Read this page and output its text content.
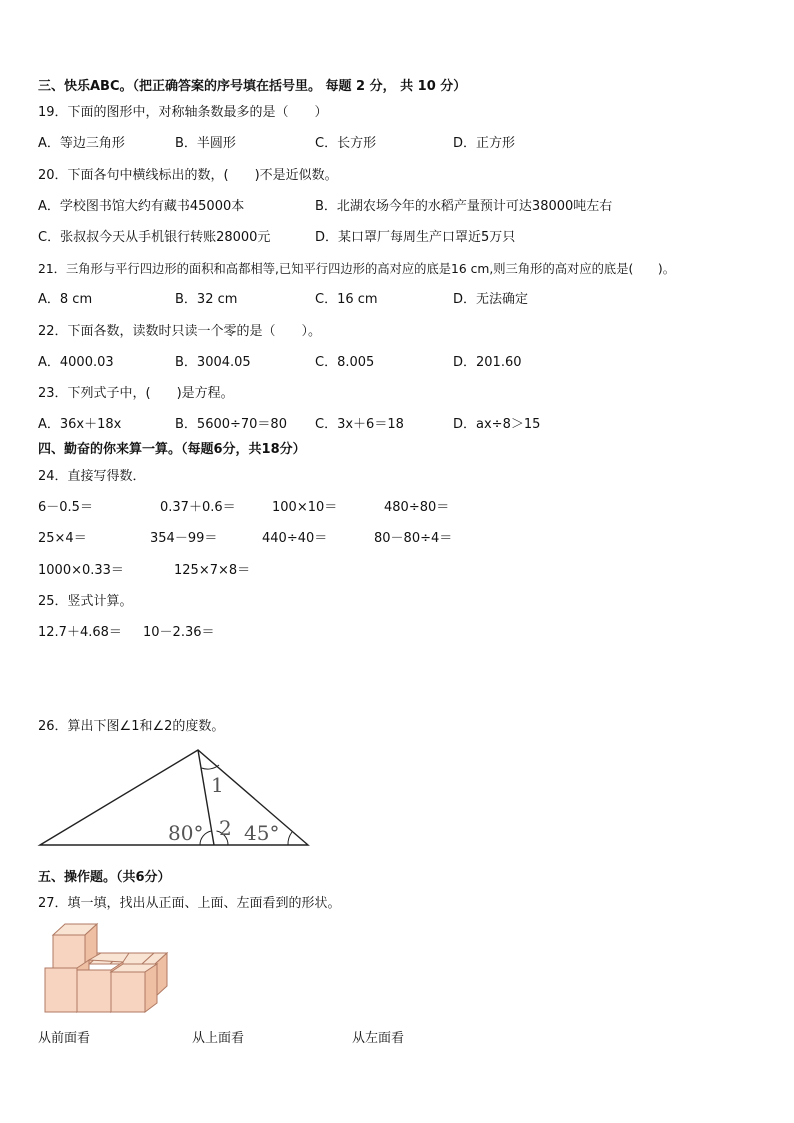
三、快乐ABC。（把正确答案的序号填在括号里。 每题 2 分， 共 10 分）
19．下面的图形中，对称轴条数最多的是（　　）
A．等边三角形	B．半圆形	C．长方形	D．正方形
20．下面各句中横线标出的数，(　　)不是近似数。
A．学校图书馆大约有藏书45000本	B．北湖农场今年的水稻产量预计可达38000吨左右
C．张叔叔今天从手机银行转账28000元	D．某口罩厂每周生产口罩近5万只
21．三角形与平行四边形的面积和高都相等,已知平行四边形的高对应的底是16 cm,则三角形的高对应的底是(　　)。
A．8 cm	B．32 cm	C．16 cm	D．无法确定
22．下面各数，读数时只读一个零的是（　　）。
A．4000.03	B．3004.05	C．8.005	D．201.60
23．下列式子中，(　　)是方程。
A．36x＋18x	B．5600÷70＝80 C．3x＋6＝18	D．ax÷8＞15
四、勤奋的你来算一算。（每题6分，共18分）
24．直接写得数．
6－0.5＝	0.37＋0.6＝	100×10＝	480÷80＝
25×4＝	354－99＝	440÷40＝	80－80÷4＝
1000×0.33＝	125×7×8＝
25．竖式计算。
12.7＋4.68＝ 10－2.36＝
26．算出下图∠1和∠2的度数。
1
2
80° 45°
五、操作题。（共6分）
27．填一填，找出从正面、上面、左面看到的形状。
从前面看	从上面看	从左面看
